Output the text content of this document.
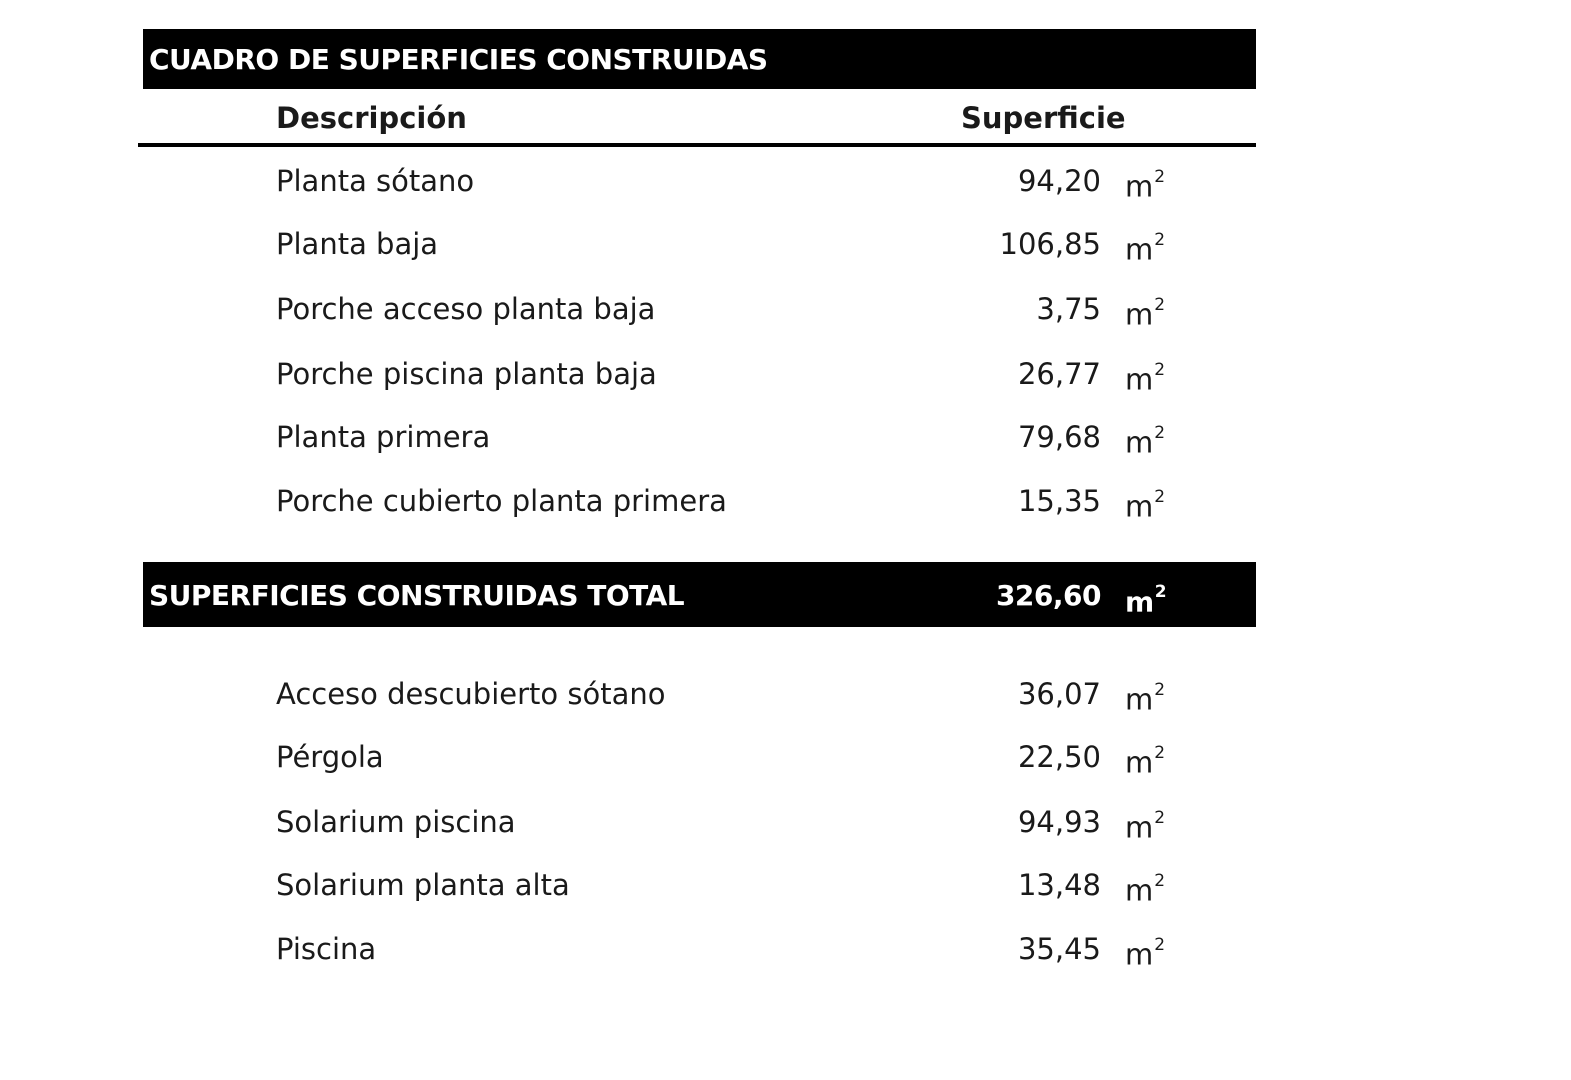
CUADRO DE SUPERFICIES CONSTRUIDAS
Descripción	Superficie
Planta sótano	94,20 $m^2$
Planta baja	106,85 $m^2$
Porche acceso planta baja	3,75 $m^2$
Porche piscina planta baja	26,77 $m^2$
Planta primera	79,68 $m^2$
Porche cubierto planta primera	15,35 $m^2$
SUPERFICIES CONSTRUIDAS TOTAL	326,60 $m^2$
Acceso descubierto sótano	36,07 $m^2$
Pérgola	22,50 $m^2$
Solarium piscina	94,93 $m^2$
Solarium planta alta	13,48 $m^2$
Piscina	35,45 $m^2$
